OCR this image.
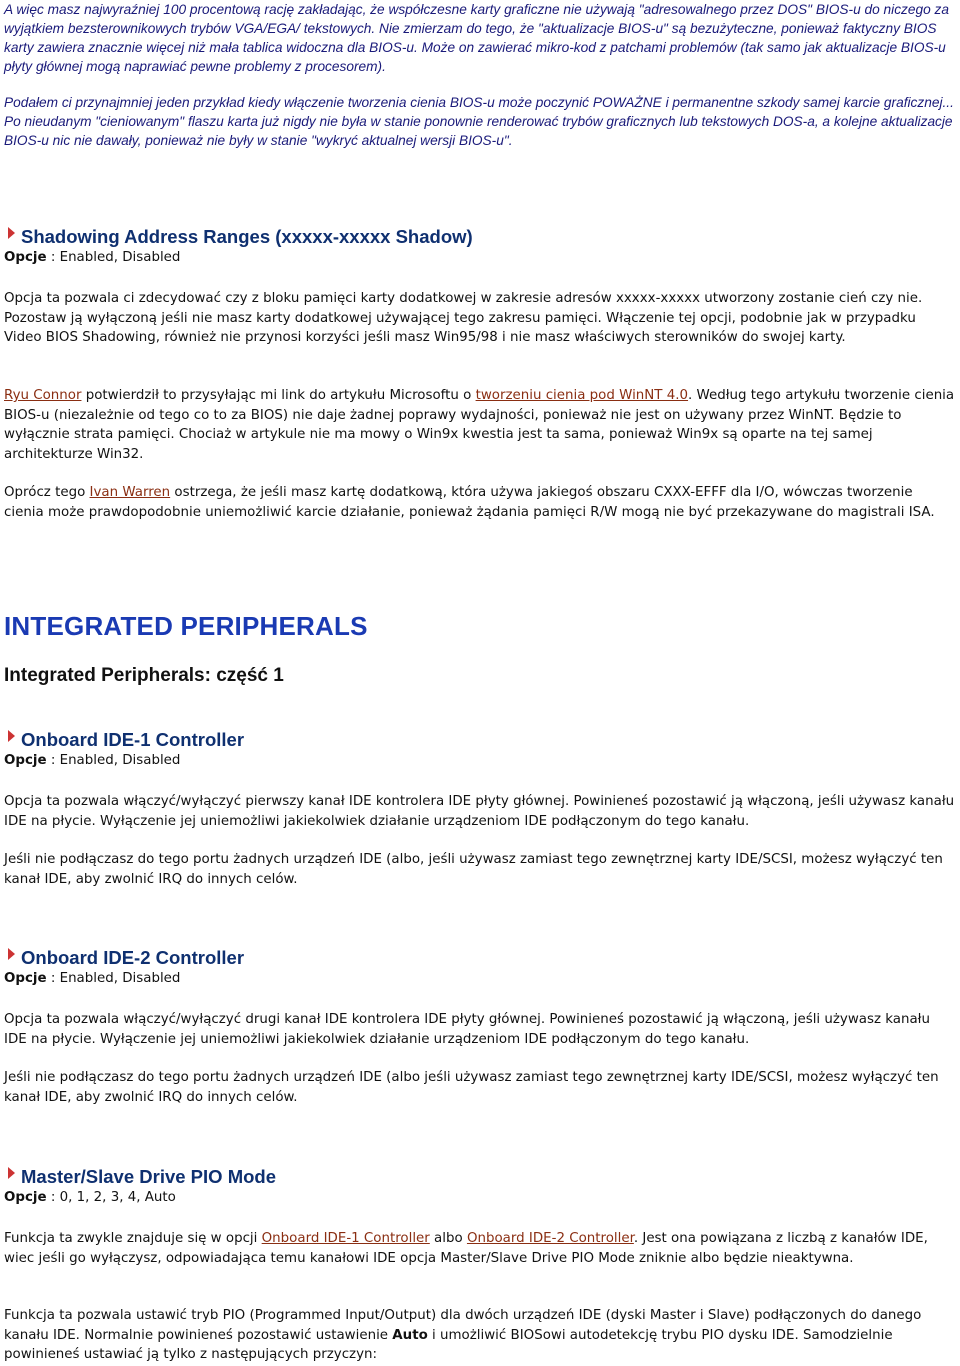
A więc masz najwyraźniej 100 procentową rację zakładając, że współczesne karty graficzne nie używają "adresowalnego przez DOS" BIOS-u do niczego za wyjątkiem bezsterownikowych trybów VGA/EGA/ tekstowych. Nie zmierzam do tego, że "aktualizacje BIOS-u" są bezużyteczne, ponieważ faktyczny BIOS karty zawiera znacznie więcej niż mała tablica widoczna dla BIOS-u. Może on zawierać mikro-kod z patchami problemów (tak samo jak aktualizacje BIOS-u płyty głównej mogą naprawiać pewne problemy z procesorem).

Podałem ci przynajmniej jeden przykład kiedy włączenie tworzenia cienia BIOS-u może poczynić POWAŻNE i permanentne szkody samej karcie graficznej... Po nieudanym "cieniowanym" flaszu karta już nigdy nie była w stanie ponownie renderować trybów graficznych lub tekstowych DOS-a, a kolejne aktualizacje BIOS-u nic nie dawały, ponieważ nie były w stanie "wykryć aktualnej wersji BIOS-u".

Shadowing Address Ranges (xxxxx-xxxxx Shadow)

Opcje : Enabled, Disabled

Opcja ta pozwala ci zdecydować czy z bloku pamięci karty dodatkowej w zakresie adresów xxxxx-xxxxx utworzony zostanie cień czy nie. Pozostaw ją wyłączoną jeśli nie masz karty dodatkowej używającej tego zakresu pamięci. Włączenie tej opcji, podobnie jak w przypadku Video BIOS Shadowing, również nie przynosi korzyści jeśli masz Win95/98 i nie masz właściwych sterowników do swojej karty.

Ryu Connor potwierdził to przysyłając mi link do artykułu Microsoftu o tworzeniu cienia pod WinNT 4.0. Według tego artykułu tworzenie cienia BIOS-u (niezależnie od tego co to za BIOS) nie daje żadnej poprawy wydajności, ponieważ nie jest on używany przez WinNT. Będzie to wyłącznie strata pamięci. Chociaż w artykule nie ma mowy o Win9x kwestia jest ta sama, ponieważ Win9x są oparte na tej samej architekturze Win32.

Oprócz tego Ivan Warren ostrzega, że jeśli masz kartę dodatkową, która używa jakiegoś obszaru CXXX-EFFF dla I/O, wówczas tworzenie cienia może prawdopodobnie uniemożliwić karcie działanie, ponieważ żądania pamięci R/W mogą nie być przekazywane do magistrali ISA.

INTEGRATED PERIPHERALS
Integrated Peripherals: część 1
Onboard IDE-1 Controller

Opcje : Enabled, Disabled

Opcja ta pozwala włączyć/wyłączyć pierwszy kanał IDE kontrolera IDE płyty głównej. Powinieneś pozostawić ją włączoną, jeśli używasz kanału IDE na płycie. Wyłączenie jej uniemożliwi jakiekolwiek działanie urządzeniom IDE podłączonym do tego kanału.

Jeśli nie podłączasz do tego portu żadnych urządzeń IDE (albo, jeśli używasz zamiast tego zewnętrznej karty IDE/SCSI, możesz wyłączyć ten kanał IDE, aby zwolnić IRQ do innych celów.

Onboard IDE-2 Controller

Opcje : Enabled, Disabled

Opcja ta pozwala włączyć/wyłączyć drugi kanał IDE kontrolera IDE płyty głównej. Powinieneś pozostawić ją włączoną, jeśli używasz kanału IDE na płycie. Wyłączenie jej uniemożliwi jakiekolwiek działanie urządzeniom IDE podłączonym do tego kanału.

Jeśli nie podłączasz do tego portu żadnych urządzeń IDE (albo jeśli używasz zamiast tego zewnętrznej karty IDE/SCSI, możesz wyłączyć ten kanał IDE, aby zwolnić IRQ do innych celów.

Master/Slave Drive PIO Mode

Opcje : 0, 1, 2, 3, 4, Auto

Funkcja ta zwykle znajduje się w opcji Onboard IDE-1 Controller albo Onboard IDE-2 Controller. Jest ona powiązana z liczbą z kanałów IDE, wiec jeśli go wyłączysz, odpowiadająca temu kanałowi IDE opcja Master/Slave Drive PIO Mode zniknie albo będzie nieaktywna.

Funkcja ta pozwala ustawić tryb PIO (Programmed Input/Output) dla dwóch urządzeń IDE (dyski Master i Slave) podłączonych do danego kanału IDE. Normalnie powinieneś pozostawić ustawienie Auto i umożliwić BIOSowi autodetekcję trybu PIO dysku IDE. Samodzielnie powinieneś ustawiać ją tylko z następujących przyczyn:
